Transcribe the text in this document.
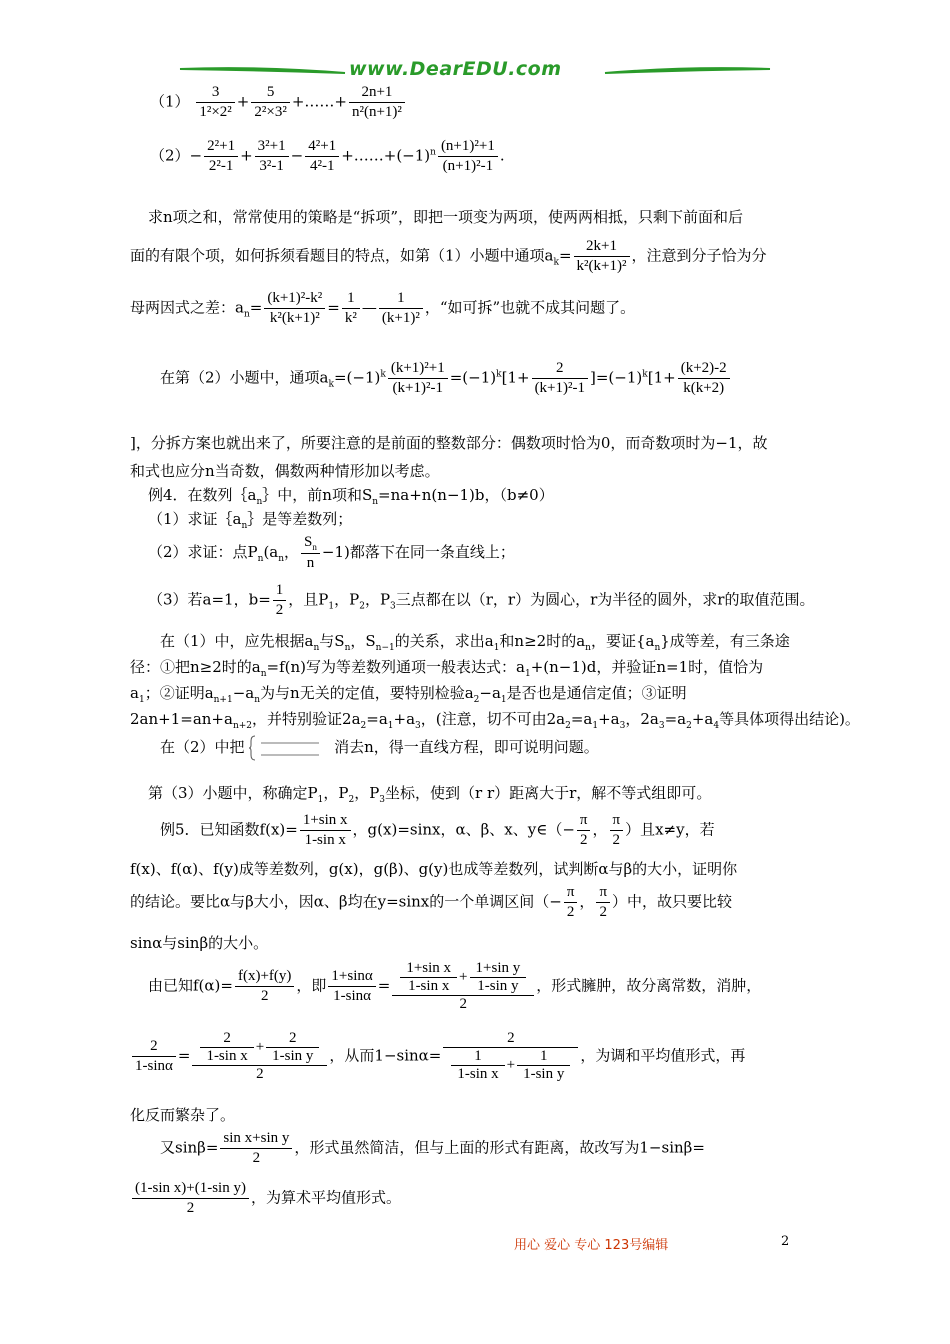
www.DearEDU.com
$(1) \frac{3}{\text{1²×2²}} + \frac{5}{\text{2²×3²}}$ +……+ $\frac{2n+1}{\text{n²(n+1)²}}$
$(2)- \frac{\text{2²+1}}{\text{2²-1}} + \frac{\text{3²+1}}{\text{3²-1}} - \frac{\text{4²+1}}{\text{4²-1}}$ $+\dots\dots+(-1)^n \frac{\text{(n+1)²+1}}{\text{(n+1)²-1}}$ .
求n项之和，常常使用的策略是“拆项”，即把一项变为两项，使两两相抵，只剩下前面和后
面的有限个项，如何拆须看题目的特点，如第（1）小题中通项$a_k= \frac{2k+1}{\text{k²(k+1)²}}$ ，注意到分子恰为分
母两因式之差：$a_n= \frac{\text{(k+1)²-k²}}{\text{k²(k+1)²}} = \frac{1}{\text{k²}}$ — $\frac{1}{\text{(k+1)²}}$ ，“如可拆”也就不成其问题了。
在第（2）小题中，通项$a_k=(-1)^k \frac{\text{(k+1)²+1}}{\text{(k+1)²-1}} =(-1)^k[1+ \frac{2}{\text{(k+1)²-1}} ]=(-1)^k[1+ \frac{(k+2)-2}{k(k+2)}$
]，分拆方案也就出来了，所要注意的是前面的整数部分：偶数项时恰为0，而奇数项时为−1，故
和式也应分n当奇数，偶数两种情形加以考虑。
例4．在数列$\{a_n\}$中，前n项和$S_n=na+n(n-1)b$，（b≠0）
（1）求证$\{a_n\}$是等差数列；
（2）求证：点$P_n(a_n$， $\frac{S_n}{n} -1$)都落下在同一条直线上；
（3）若a=1，$b= \frac{1}{2}$ ，且$P_1$，$P_2$，$P_3$三点都在以（r，r）为圆心，r为半径的圆外，求r的取值范围。
在（1）中，应先根据$a_n$与$S_n$，$S_{n-1}$的关系，求出$a_1$和n≥2时的$a_n$，要证$\{a_n\}$成等差，有三条途
径：①把n≥2时的$a_n=f(n)$写为等差数列通项一般表达式：$a_1+(n-1)d$，并验证n=1时，值恰为
$a_1$；②证明$a_{n+1}-a_n$为与n无关的定值，要特别检验$a_2-a_1$是否也是通信定值；③证明
$2an+1=an+a_{n+2}$，并特别验证$2a_2=a_1+a_3$，(注意，切不可由$2a_2=a_1+a_3$，$2a_3=a_2+a_4$等具体项得出结论)。
在（2）中把	消去n，得一直线方程，即可说明问题。
第（3）小题中，称确定$P_1$，$P_2$，$P_3$坐标，使到（r r）距离大于r，解不等式组即可。
例5．已知函数$f(x)= \frac{\text{1+sin x}}{\text{1-sin x}}$ ，g(x)=sinx，α、β、x、y∈（− $\frac{\pi}{2}$ ， $\frac{\pi}{2}$ ）且x≠y，若
f(x)、f(α)、f(y)成等差数列，g(x)，g(β)、g(y)也成等差数列，试判断α与β的大小，证明你
的结论。要比α与β大小，因α、β均在y=sinx的一个单调区间（− $\frac{\pi}{2}$ ， $\frac{\pi}{2}$ ）中，故只要比较
sinα与sinβ的大小。
由已知$f(\alpha)= \frac{f(x)+f(y)}{2}$ ，即 $\frac{1+\sin\alpha}{1-\sin\alpha} = \frac{\frac{\text{1+sin x}}{\text{1-sin x}} + \frac{\text{1+sin y}}{\text{1-sin y}}}{2}$ ，形式臃肿，故分离常数，消肿，
$\frac{2}{1-\sin\alpha} = \frac{\frac{2}{\text{1-sin x}} + \frac{2}{\text{1-sin y}}}{2}$ ，从而$1-\sin\alpha= \frac{2}{\frac{1}{\text{1-sin x}} + \frac{1}{\text{1-sin y}}}$ ，为调和平均值形式，再
化反而繁杂了。
又$\sin\beta= \frac{\text{sin x+sin y}}{2}$ ，形式虽然简洁，但与上面的形式有距离，故改写为1−sinβ=
$\frac{\text{(1-sin x)+(1-sin y)}}{2}$ ，为算术平均值形式。
用心 爱心 专心 123号编辑	2
